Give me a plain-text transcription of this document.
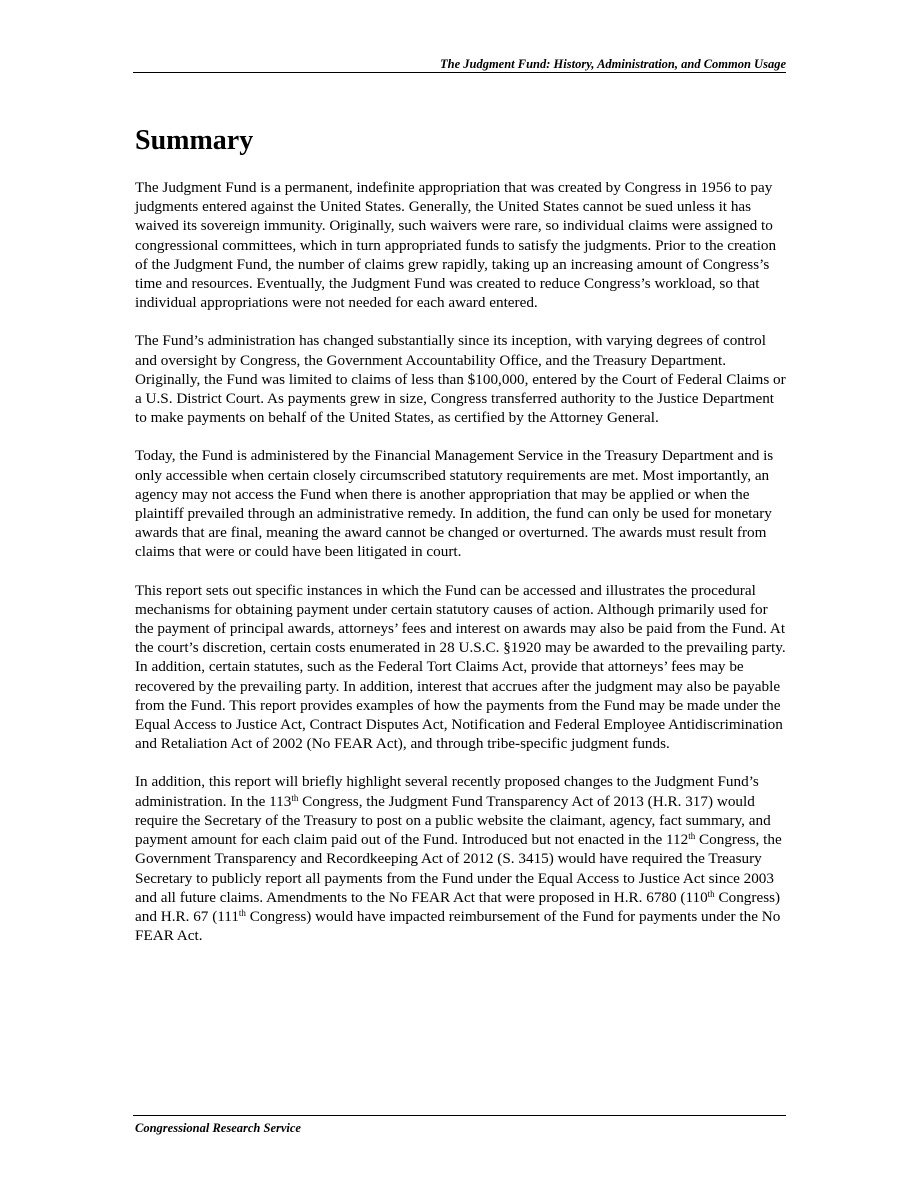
The Judgment Fund: History, Administration, and Common Usage
Summary

The Judgment Fund is a permanent, indefinite appropriation that was created by Congress in 1956 to pay judgments entered against the United States. Generally, the United States cannot be sued unless it has waived its sovereign immunity. Originally, such waivers were rare, so individual claims were assigned to congressional committees, which in turn appropriated funds to satisfy the judgments. Prior to the creation of the Judgment Fund, the number of claims grew rapidly, taking up an increasing amount of Congress’s time and resources. Eventually, the Judgment Fund was created to reduce Congress’s workload, so that individual appropriations were not needed for each award entered.

The Fund’s administration has changed substantially since its inception, with varying degrees of control and oversight by Congress, the Government Accountability Office, and the Treasury Department. Originally, the Fund was limited to claims of less than $100,000, entered by the Court of Federal Claims or a U.S. District Court. As payments grew in size, Congress transferred authority to the Justice Department to make payments on behalf of the United States, as certified by the Attorney General.

Today, the Fund is administered by the Financial Management Service in the Treasury Department and is only accessible when certain closely circumscribed statutory requirements are met. Most importantly, an agency may not access the Fund when there is another appropriation that may be applied or when the plaintiff prevailed through an administrative remedy. In addition, the fund can only be used for monetary awards that are final, meaning the award cannot be changed or overturned. The awards must result from claims that were or could have been litigated in court.

This report sets out specific instances in which the Fund can be accessed and illustrates the procedural mechanisms for obtaining payment under certain statutory causes of action. Although primarily used for the payment of principal awards, attorneys’ fees and interest on awards may also be paid from the Fund. At the court’s discretion, certain costs enumerated in 28 U.S.C. §1920 may be awarded to the prevailing party. In addition, certain statutes, such as the Federal Tort Claims Act, provide that attorneys’ fees may be recovered by the prevailing party. In addition, interest that accrues after the judgment may also be payable from the Fund. This report provides examples of how the payments from the Fund may be made under the Equal Access to Justice Act, Contract Disputes Act, Notification and Federal Employee Antidiscrimination and Retaliation Act of 2002 (No FEAR Act), and through tribe-specific judgment funds.

In addition, this report will briefly highlight several recently proposed changes to the Judgment Fund’s administration. In the 113th Congress, the Judgment Fund Transparency Act of 2013 (H.R. 317) would require the Secretary of the Treasury to post on a public website the claimant, agency, fact summary, and payment amount for each claim paid out of the Fund. Introduced but not enacted in the 112th Congress, the Government Transparency and Recordkeeping Act of 2012 (S. 3415) would have required the Treasury Secretary to publicly report all payments from the Fund under the Equal Access to Justice Act since 2003 and all future claims. Amendments to the No FEAR Act that were proposed in H.R. 6780 (110th Congress) and H.R. 67 (111th Congress) would have impacted reimbursement of the Fund for payments under the No FEAR Act.

Congressional Research Service
